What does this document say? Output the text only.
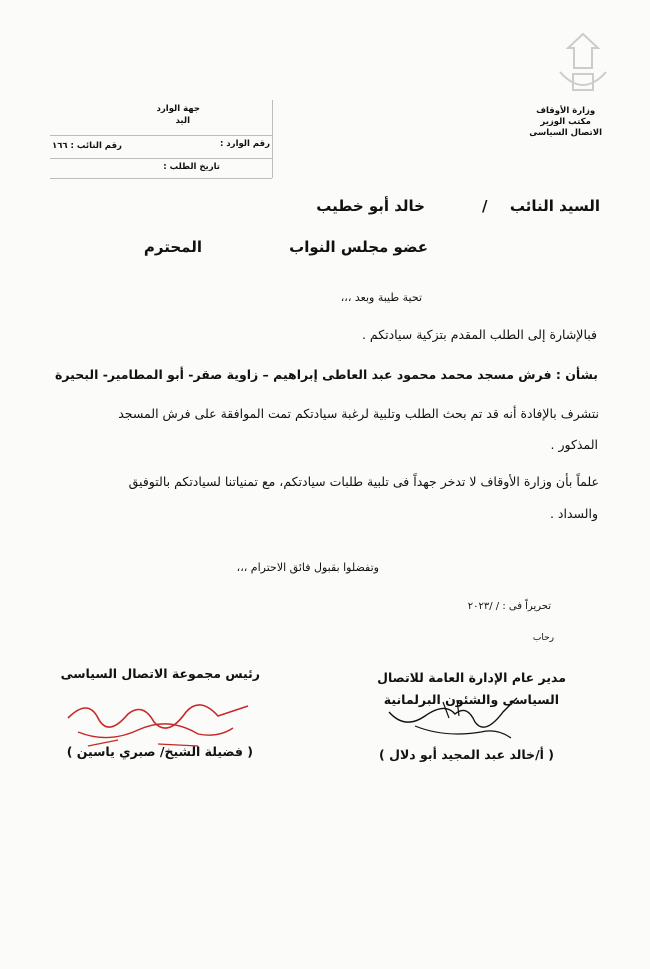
وزارة الأوقاف
مكتب الوزير
الاتصال السياسى
جهة الوارد
اليد
رقم الوارد :
رقم النائب : ١٦٦
تاريخ الطلب :
السيد النائب
/
خالد أبو خطيب
عضو مجلس النواب
المحترم
تحية طيبة وبعد ،،،
فبالإشارة إلى الطلب المقدم بتزكية سيادتكم .
بشأن : فرش مسجد محمد محمود عبد العاطى إبراهيم – زاوية صقر- أبو المطامير- البحيرة
نتشرف بالإفادة أنه قد تم بحث الطلب وتلبية لرغبة سيادتكم تمت الموافقة على فرش المسجد
المذكور .
علماً بأن وزارة الأوقاف لا تدخر جهداً فى تلبية طلبات سيادتكم، مع تمنياتنا لسيادتكم بالتوفيق
والسداد .
وتفضلوا بقبول فائق الاحترام ،،،
تحريراً فى : / /٢٠٢٣
رحاب
مدير عام الإدارة العامة للاتصال
السياسى والشئون البرلمانية
( أ/خالد عبد المجيد أبو دلال )
رئيس مجموعة الاتصال السياسى
( فضيلة الشيخ/ صبري ياسين )
